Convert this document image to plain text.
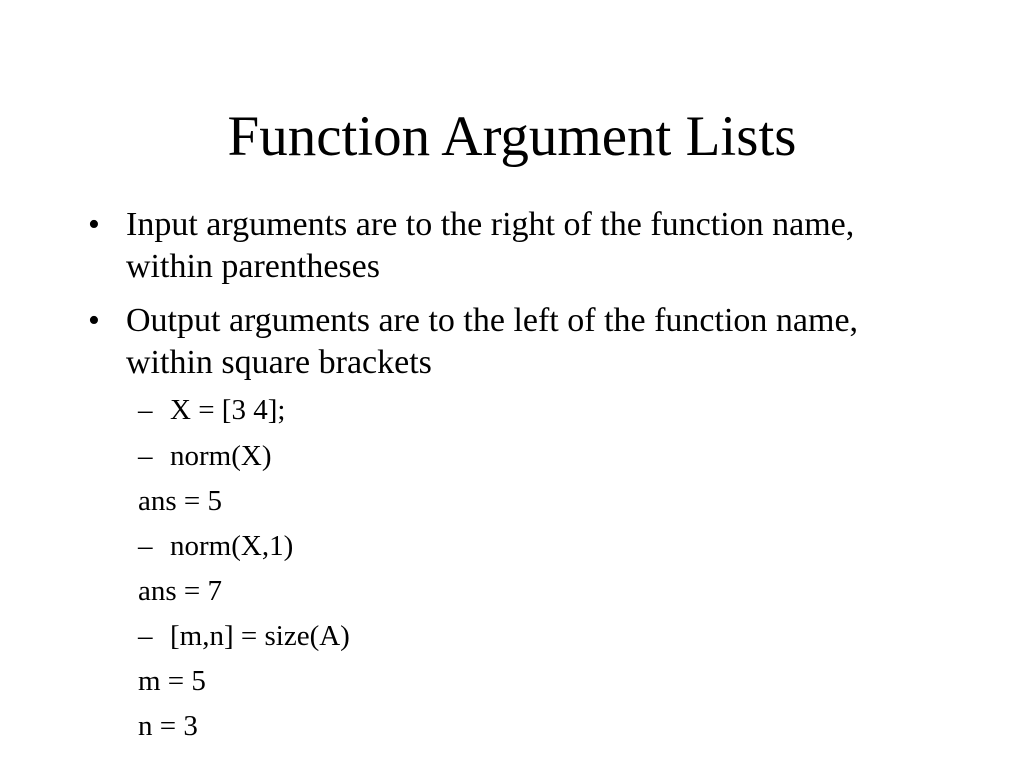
Function Argument Lists
• Input arguments are to the right of the function name, within parentheses
• Output arguments are to the left of the function name, within square brackets
– X = [3 4];
– norm(X)
ans = 5
– norm(X,1)
ans = 7
– [m,n] = size(A)
m = 5
n = 3
